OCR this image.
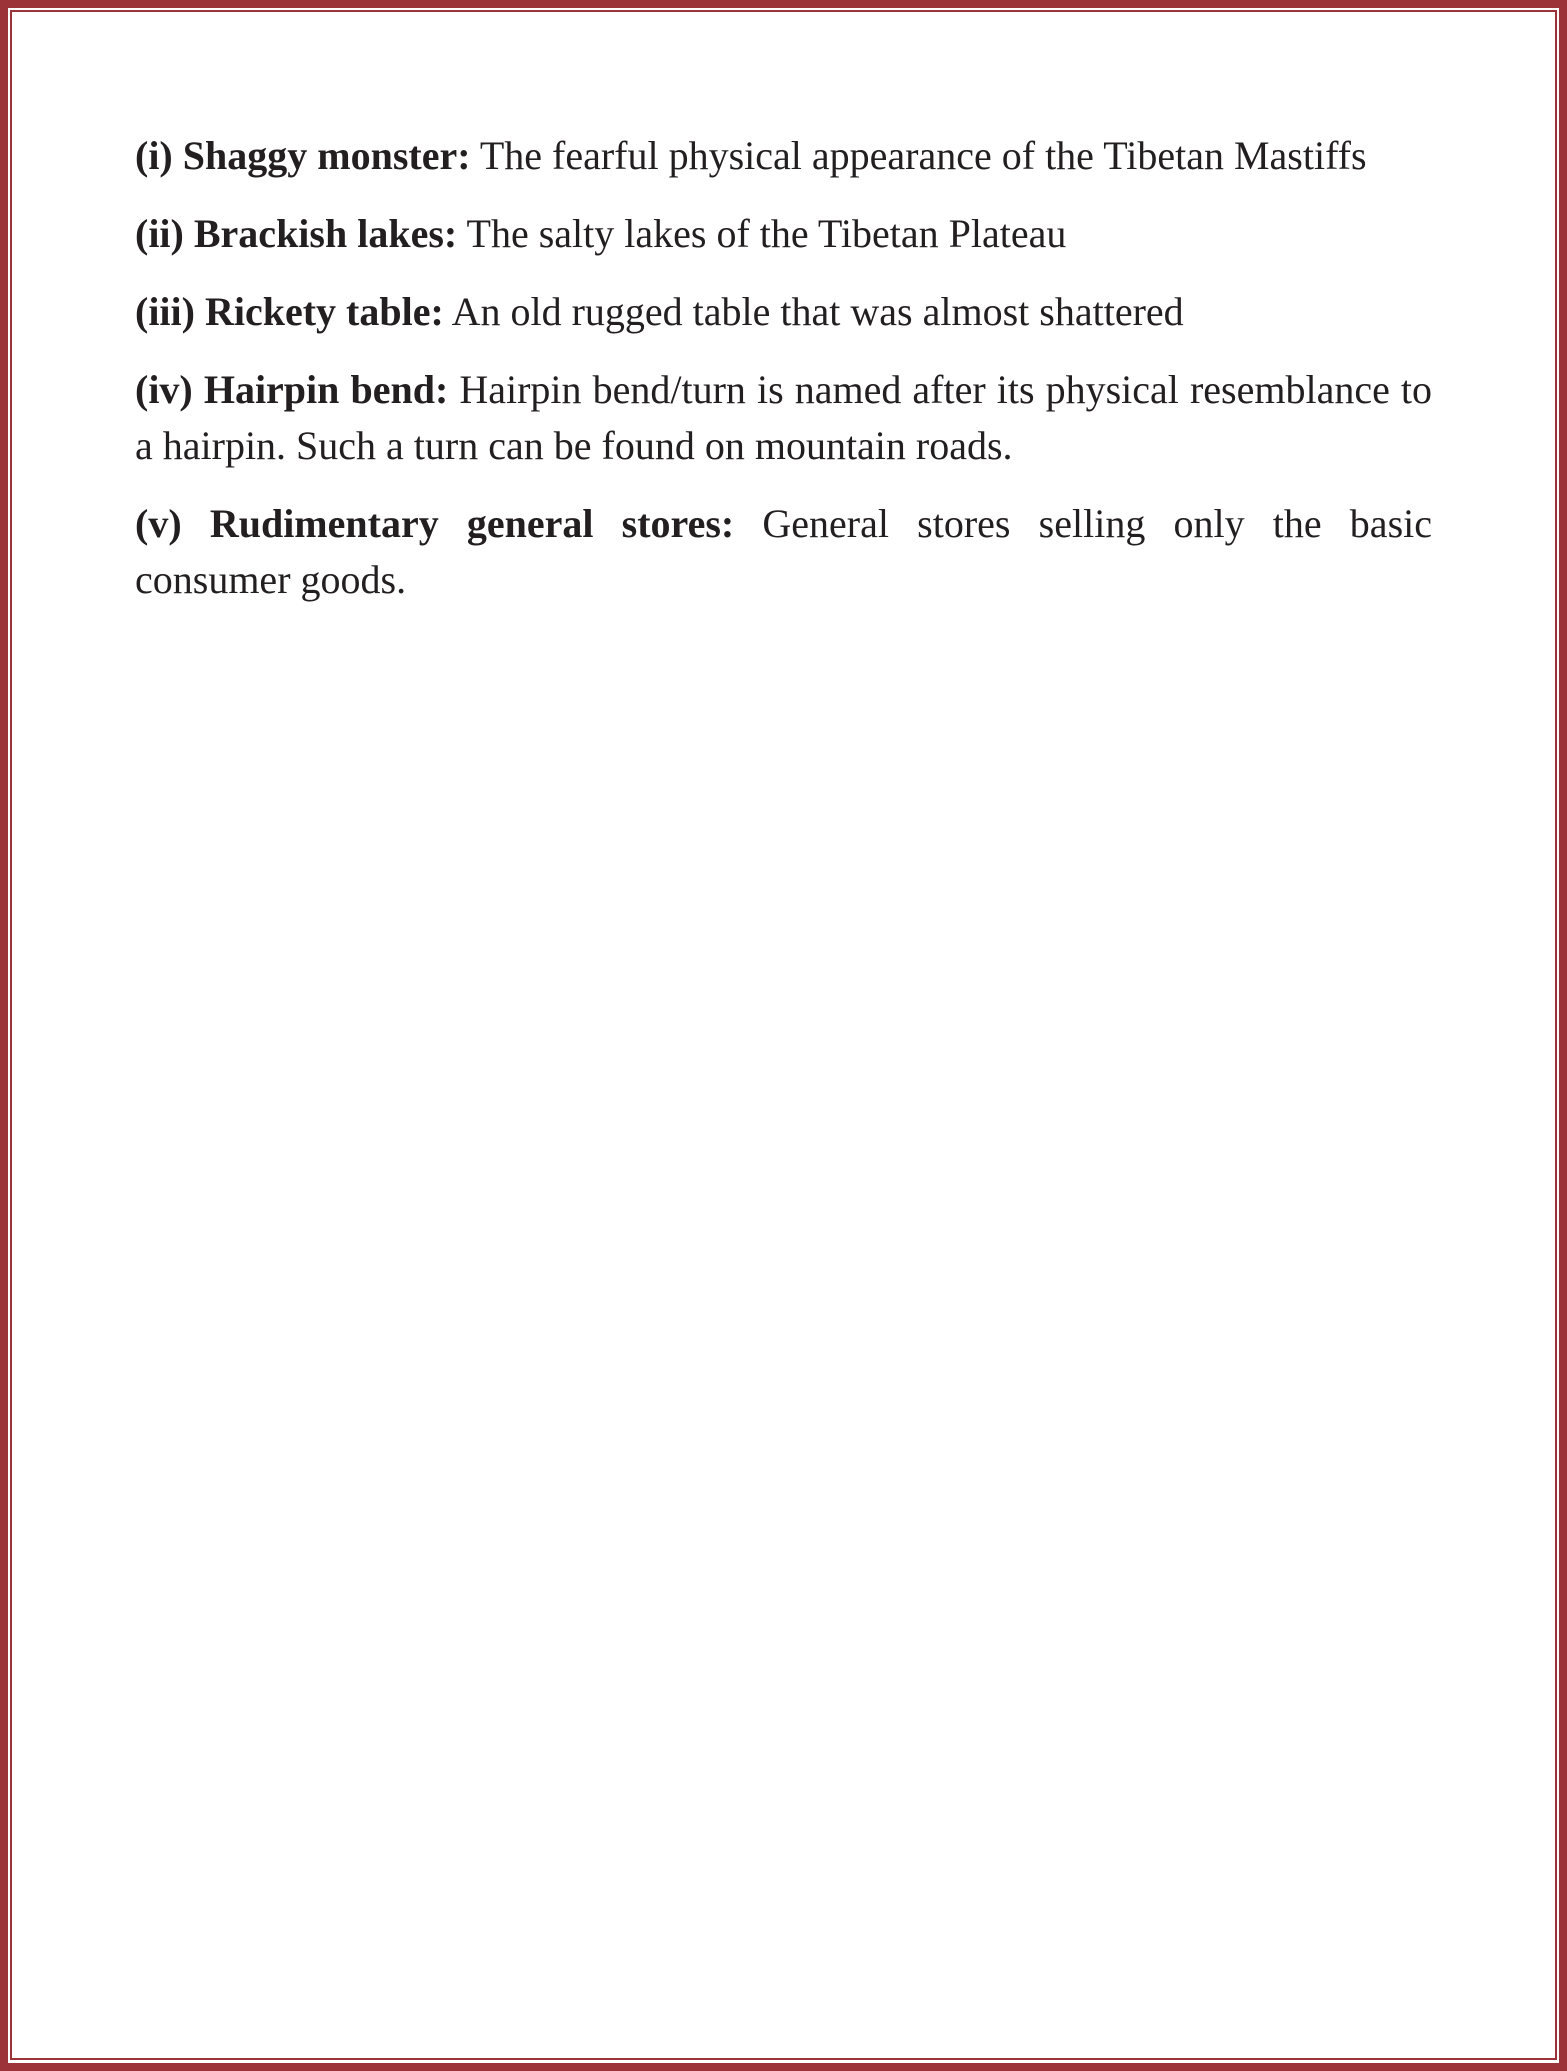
(i) Shaggy monster: The fearful physical appearance of the Tibetan Mastiffs

(ii) Brackish lakes: The salty lakes of the Tibetan Plateau

(iii) Rickety table: An old rugged table that was almost shattered

(iv) Hairpin bend: Hairpin bend/turn is named after its physical resemblance to a hairpin. Such a turn can be found on mountain roads.

(v) Rudimentary general stores: General stores selling only the basic consumer goods.
